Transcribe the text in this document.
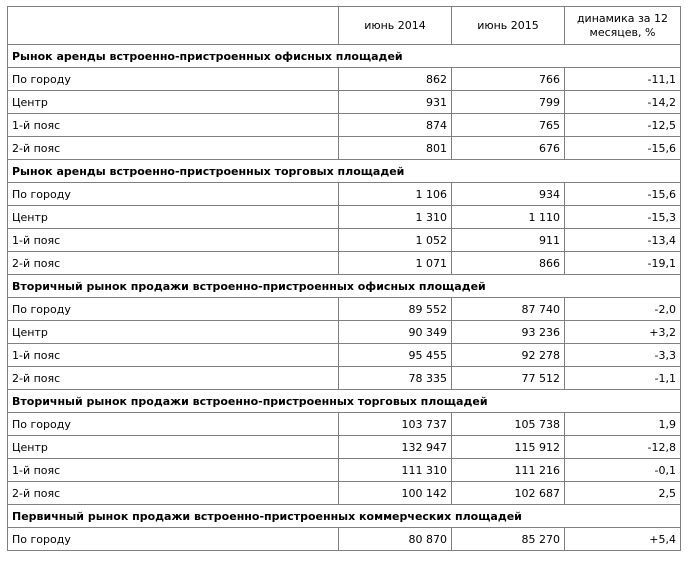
	июнь 2014	июнь 2015	динамика за 12 месяцев, %
Рынок аренды встроенно-пристроенных офисных площадей			
По городу	862	766	-11,1
Центр	931	799	-14,2
1-й пояс	874	765	-12,5
2-й пояс	801	676	-15,6
Рынок аренды встроенно-пристроенных торговых площадей			
По городу	1 106	934	-15,6
Центр	1 310	1 110	-15,3
1-й пояс	1 052	911	-13,4
2-й пояс	1 071	866	-19,1
Вторичный рынок продажи встроенно-пристроенных офисных площадей			
По городу	89 552	87 740	-2,0
Центр	90 349	93 236	+3,2
1-й пояс	95 455	92 278	-3,3
2-й пояс	78 335	77 512	-1,1
Вторичный рынок продажи встроенно-пристроенных торговых площадей			
По городу	103 737	105 738	1,9
Центр	132 947	115 912	-12,8
1-й пояс	111 310	111 216	-0,1
2-й пояс	100 142	102 687	2,5
Первичный рынок продажи встроенно-пристроенных коммерческих площадей			
По городу	80 870	85 270	+5,4
